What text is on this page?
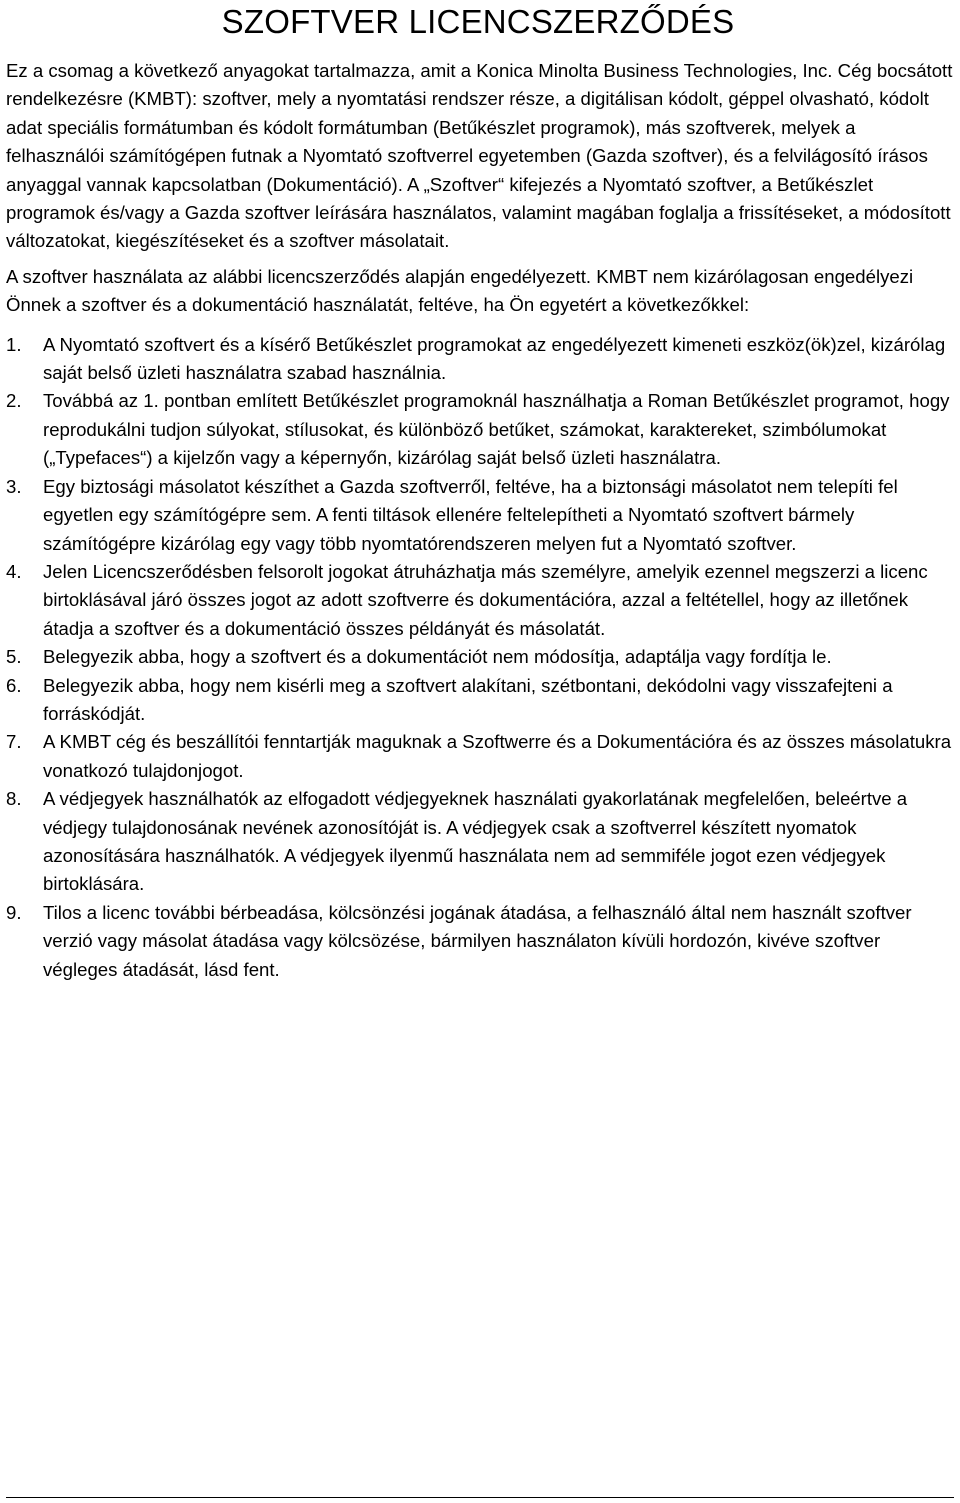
SZOFTVER LICENCSZERZŐDÉS

Ez a csomag a következő anyagokat tartalmazza, amit a Konica Minolta Business Technologies, Inc. Cég bocsátott rendelkezésre (KMBT): szoftver, mely a nyomtatási rendszer része, a digitálisan kódolt, géppel olvasható, kódolt adat speciális formátumban és kódolt formátumban (Betűkészlet programok), más szoftverek, melyek a felhasználói számítógépen futnak a Nyomtató szoftverrel egyetemben (Gazda szoftver), és a felvilágosító írásos anyaggal vannak kapcsolatban (Dokumentáció). A „Szoftver“ kifejezés a Nyomtató szoftver, a Betűkészlet programok és/vagy a Gazda szoftver leírására használatos, valamint magában foglalja a frissítéseket, a módosított változatokat, kiegészítéseket és a szoftver másolatait.

A szoftver használata az alábbi licencszerződés alapján engedélyezett. KMBT nem kizárólagosan engedélyezi Önnek a szoftver és a dokumentáció használatát, feltéve, ha Ön egyetért a következőkkel:

1.	A Nyomtató szoftvert és a kísérő Betűkészlet programokat az engedélyezett kimeneti eszköz(ök)zel, kizárólag saját belső üzleti használatra szabad használnia.
2.	Továbbá az 1. pontban említett Betűkészlet programoknál használhatja a Roman Betűkészlet programot, hogy reprodukálni tudjon súlyokat, stílusokat, és különböző betűket, számokat, karaktereket, szimbólumokat („Typefaces“) a kijelzőn vagy a képernyőn, kizárólag saját belső üzleti használatra.
3.	Egy biztosági másolatot készíthet a Gazda szoftverről, feltéve, ha a biztonsági másolatot nem telepíti fel egyetlen egy számítógépre sem. A fenti tiltások ellenére feltelepítheti a Nyomtató szoftvert bármely számítógépre kizárólag egy vagy több nyomtatórendszeren melyen fut a Nyomtató szoftver.
4.	Jelen Licencszerődésben felsorolt jogokat átruházhatja más személyre, amelyik ezennel megszerzi a licenc birtoklásával járó összes jogot az adott szoftverre és dokumentációra, azzal a feltétellel, hogy az illetőnek átadja a szoftver és a dokumentáció összes példányát és másolatát.
5.	Belegyezik abba, hogy a szoftvert és a dokumentációt nem módosítja, adaptálja vagy fordítja le.
6.	Belegyezik abba, hogy nem kisérli meg a szoftvert alakítani, szétbontani, dekódolni vagy visszafejteni a forráskódját.
7.	A KMBT cég és beszállítói fenntartják maguknak a Szoftwerre és a Dokumentációra és az összes másolatukra vonatkozó tulajdonjogot.
8.	A védjegyek használhatók az elfogadott védjegyeknek használati gyakorlatának megfelelően, beleértve a védjegy tulajdonosának nevének azonosítóját is. A védjegyek csak a szoftverrel készített nyomatok azonosítására használhatók. A védjegyek ilyenmű használata nem ad semmiféle jogot ezen védjegyek birtoklására.
9.	Tilos a licenc további bérbeadása, kölcsönzési jogának átadása, a felhasználó által nem használt szoftver verzió vagy másolat átadása vagy kölcsözése, bármilyen használaton kívüli hordozón, kivéve szoftver végleges átadását, lásd fent.
